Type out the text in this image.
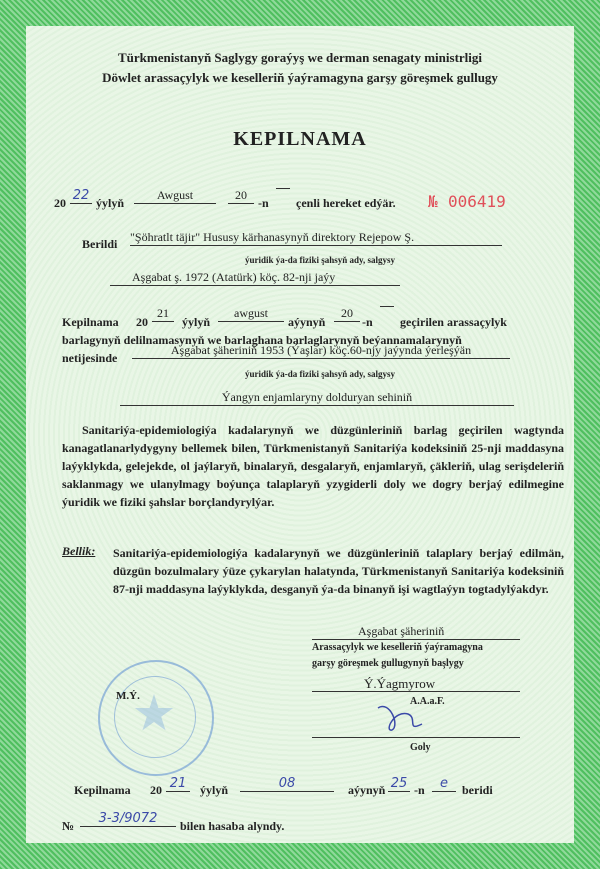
Türkmenistanyň Saglygy goraýyş we derman senagaty ministrligi
Döwlet arassaçylyk we keselleriň ýaýramagyna garşy göreşmek gullugy
KEPILNAMA
20 22 ýylyň
Awgust	20
-n çenli hereket edýär. № 006419
Berildi "Şöhratlt täjir" Hususy kärhanasynyň direktory Rejepow Ş.
ýuridik ýa-da fiziki şahsyň ady, salgysy
Aşgabat ş. 1972 (Atatürk) köç. 82-nji jaýy
Kepilnama 20
21
ýylyň
awgust
aýynyň
20
-n geçirilen arassaçylyk
barlagynyň delilnamasynyň we barlaghana barlaglarynyň beýannamalarynyň
netijesinde
Aşgabat şäheriniň 1953 (Ýaşlar) köç.60-njy jaýynda ýerleşýän
ýuridik ýa-da fiziki şahsyň ady, salgysy
Ýangyn enjamlaryny dolduryan sehiniň
Sanitariýa-epidemiologiýa kadalarynyň we düzgünleriniň barlag geçirilen wagtynda kanagatlanarlydygyny bellemek bilen, Türkmenistanyň Sanitariýa kodeksiniň 25-nji maddasyna laýyklykda, gelejekde, ol jaýlaryň, binalaryň, desgalaryň, enjamlaryň, çäkleriň, ulag serişdeleriň saklanmagy we ulanylmagy boýunça talaplaryň yzygiderli doly we dogry berjaý edilmegine ýuridik we fiziki şahslar borçlandyrylýar.
Bellik: Sanitariýa-epidemiologiýa kadalarynyň we düzgünleriniň talaplary berjaý edilmän, düzgün bozulmalary ýüze çykarylan halatynda, Türkmenistanyň Sanitariýa kodeksiniň 87-nji maddasyna laýyklykda, desganyň ýa-da binanyň işi wagtlaýyn togtadylýakdyr.
Aşgabat şäheriniň
Arassaçylyk we keselleriň ýaýramagyna
garşy göreşmek gullugynyň başlygy
Ý.Ýagmyrow
A.A.a.F.
Goly
M.Ý.
Kepilnama 20 21	ýylyň	08	aýynyň 25 -n	e	beridi
№	3-3/9072	bilen hasaba alyndy.
